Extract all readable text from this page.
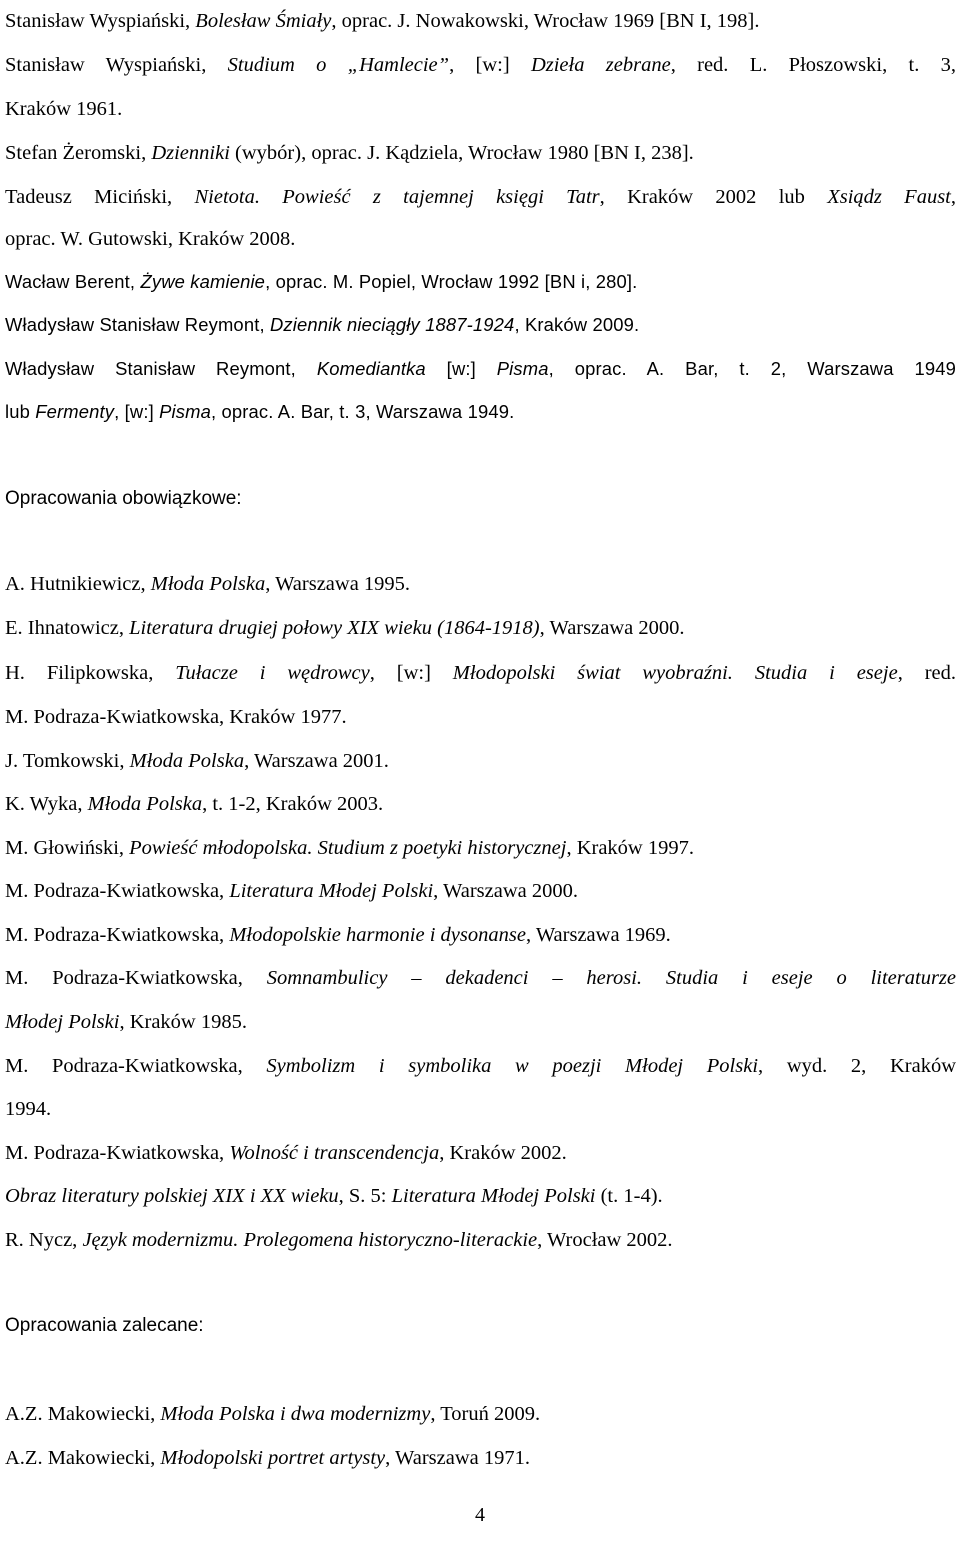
Stanisław Wyspiański, Bolesław Śmiały, oprac. J. Nowakowski, Wrocław 1969 [BN I, 198].
Stanisław Wyspiański, Studium o „Hamlecie”, [w:] Dzieła zebrane, red. L. Płoszowski, t. 3,
Kraków 1961.
Stefan Żeromski, Dzienniki (wybór), oprac. J. Kądziela, Wrocław 1980 [BN I, 238].
Tadeusz Miciński, Nietota. Powieść z tajemnej księgi Tatr, Kraków 2002 lub Xsiądz Faust,
oprac. W. Gutowski, Kraków 2008.
Wacław Berent, Żywe kamienie, oprac. M. Popiel, Wrocław 1992 [BN i, 280].
Władysław Stanisław Reymont, Dziennik nieciągły 1887-1924, Kraków 2009.
Władysław Stanisław Reymont, Komediantka [w:] Pisma, oprac. A. Bar, t. 2, Warszawa 1949
lub Fermenty, [w:] Pisma, oprac. A. Bar, t. 3, Warszawa 1949.
Opracowania obowiązkowe:
A. Hutnikiewicz, Młoda Polska, Warszawa 1995.
E. Ihnatowicz, Literatura drugiej połowy XIX wieku (1864-1918), Warszawa 2000.
H. Filipkowska, Tułacze i wędrowcy, [w:] Młodopolski świat wyobraźni. Studia i eseje, red.
M. Podraza-Kwiatkowska, Kraków 1977.
J. Tomkowski, Młoda Polska, Warszawa 2001.
K. Wyka, Młoda Polska, t. 1-2, Kraków 2003.
M. Głowiński, Powieść młodopolska. Studium z poetyki historycznej, Kraków 1997.
M. Podraza-Kwiatkowska, Literatura Młodej Polski, Warszawa 2000.
M. Podraza-Kwiatkowska, Młodopolskie harmonie i dysonanse, Warszawa 1969.
M. Podraza-Kwiatkowska, Somnambulicy – dekadenci – herosi. Studia i eseje o literaturze
Młodej Polski, Kraków 1985.
M. Podraza-Kwiatkowska, Symbolizm i symbolika w poezji Młodej Polski, wyd. 2, Kraków
1994.
M. Podraza-Kwiatkowska, Wolność i transcendencja, Kraków 2002.
Obraz literatury polskiej XIX i XX wieku, S. 5: Literatura Młodej Polski (t. 1-4).
R. Nycz, Język modernizmu. Prolegomena historyczno-literackie, Wrocław 2002.
Opracowania zalecane:
A.Z. Makowiecki, Młoda Polska i dwa modernizmy, Toruń 2009.
A.Z. Makowiecki, Młodopolski portret artysty, Warszawa 1971.
4
